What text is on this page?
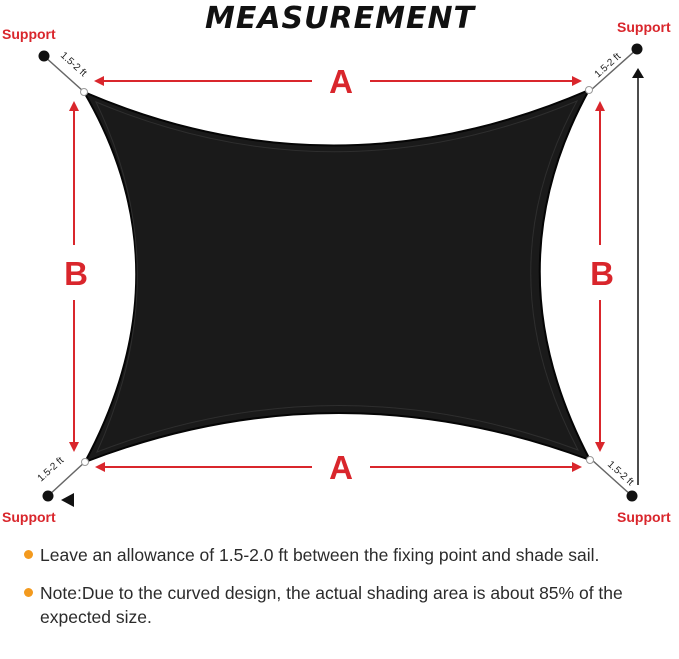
MEASUREMENT
Support	Support
Support	Support
1.5-2 ft	1.5-2 ft
1.5-2 ft	1.5-2 ft
A
A
B	B
Leave an allowance of 1.5-2.0 ft between the fixing point and shade sail.
Note:Due to the curved design, the actual shading area is about 85% of the expected size.
